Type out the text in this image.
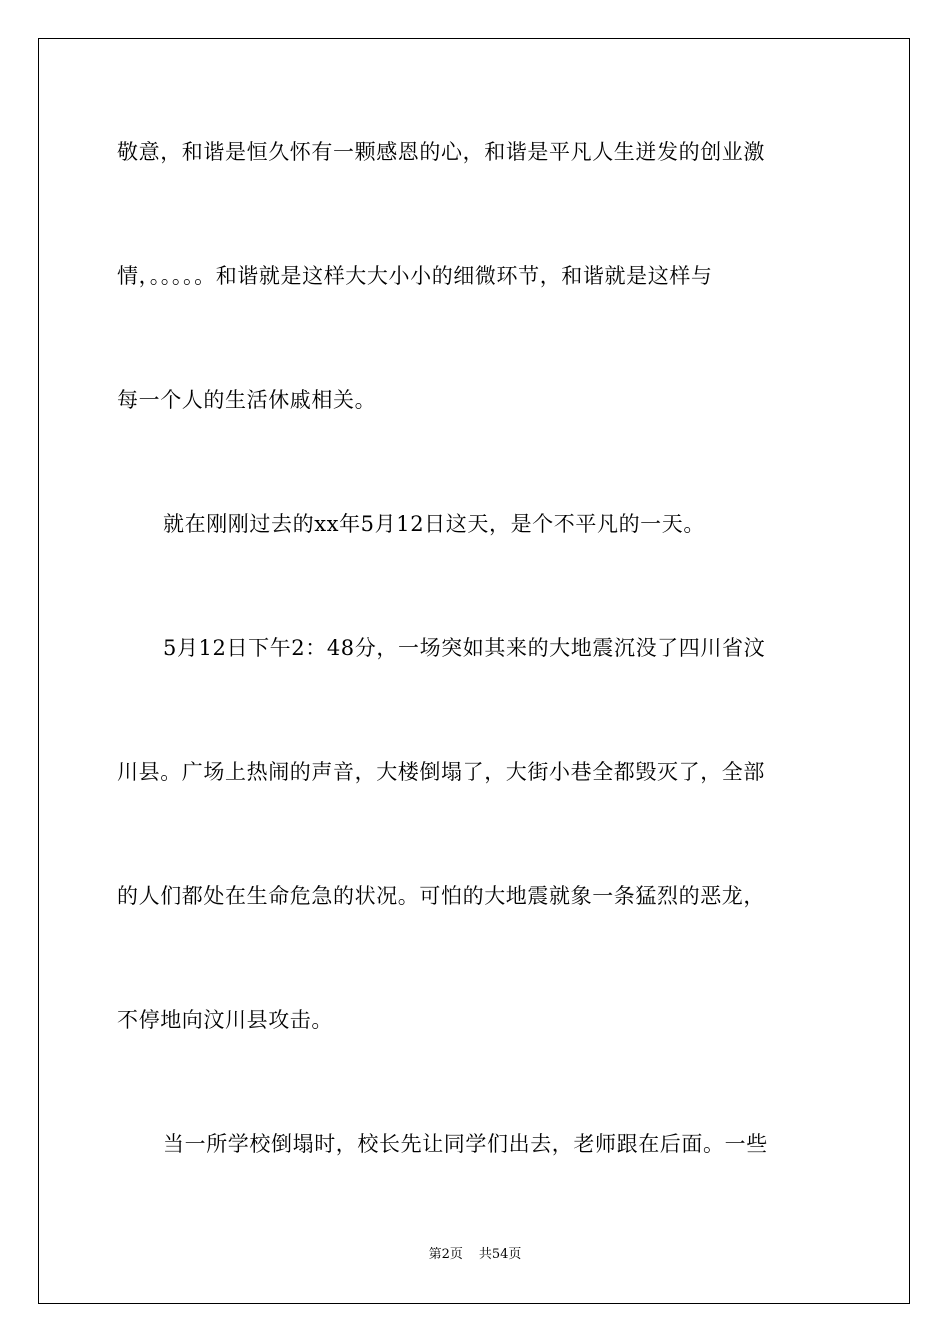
敬意，和谐是恒久怀有一颗感恩的心，和谐是平凡人生迸发的创业激
情，。。。。。和谐就是这样大大小小的细微环节，和谐就是这样与
每一个人的生活休戚相关。
就在刚刚过去的xx年5月12日这天，是个不平凡的一天。
5月12日下午2：48分，一场突如其来的大地震沉没了四川省汶
川县。广场上热闹的声音，大楼倒塌了，大街小巷全都毁灭了，全部
的人们都处在生命危急的状况。可怕的大地震就象一条猛烈的恶龙，
不停地向汶川县攻击。
当一所学校倒塌时，校长先让同学们出去，老师跟在后面。一些
第2页 共54页
